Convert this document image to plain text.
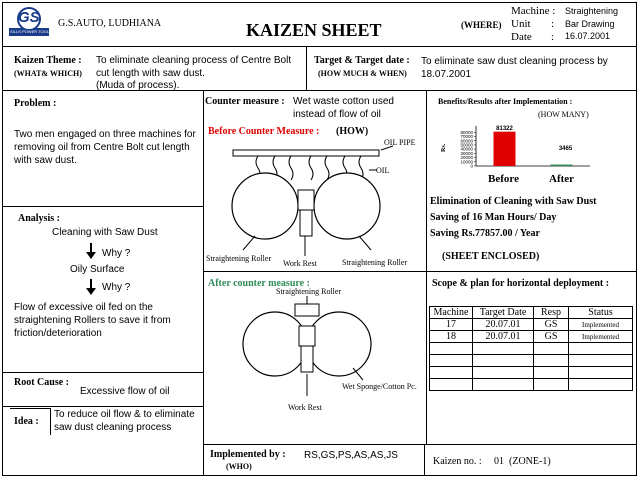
GS
SILLS POWER TOOLS
G.S.AUTO, LUDHIANA	KAIZEN SHEET	(WHERE)
Machine : Straightening
Unit : Bar Drawing
Date : 16.07.2001
Kaizen Theme :
(WHAT& WHICH)
To eliminate cleaning process of Centre Bolt cut length with saw dust.
(Muda of process).
Target & Target date :
(HOW MUCH & WHEN)
To eliminate saw dust cleaning process by 18.07.2001
Problem :
Two men engaged on three machines for removing oil from Centre Bolt cut length with saw dust.
Analysis :
Cleaning with Saw Dust
Why ?
Oily Surface
Why ?
Flow of excessive oil fed on the straightening Rollers to save it from friction/deterioration
Root Cause :
Excessive flow of oil
Idea :
To reduce oil flow & to eliminate saw dust cleaning process
Counter measure : Wet waste cotton used instead of flow of oil
Before Counter Measure : (HOW)
OIL PIPE
OIL
Straightening Roller
Work Rest	Straightening Roller
After counter measure :
Straightening Roller
Wet Sponge/Cotton Pc.
Work Rest
Benefits/Results after Implementation :
(HOW MANY)
Rs.
0
10000
20000
30000
40000
50000
60000
70000
80000
81322
3465
Before	After
Elimination of Cleaning with Saw Dust
Saving of 16 Man Hours/ Day
Saving Rs.77857.00 / Year
(SHEET ENCLOSED)
Scope & plan for horizontal deployment :
Machine	Target Date	Resp	Status
17	20.07.01	GS	Implemented
18	20.07.01	GS	Implemented

Implemented by :
(WHO)
RS,GS,PS,AS,AS,JS
Kaizen no. : 01  (ZONE-1)
